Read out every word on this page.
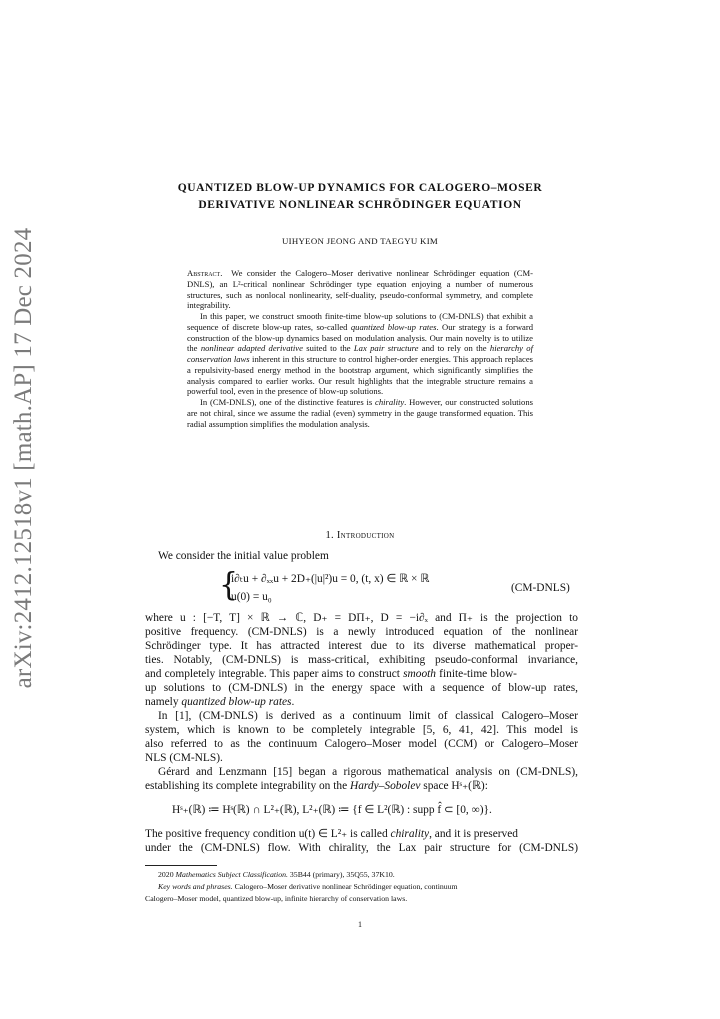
arXiv:2412.12518v1 [math.AP] 17 Dec 2024
QUANTIZED BLOW-UP DYNAMICS FOR CALOGERO–MOSER
DERIVATIVE NONLINEAR SCHRÖDINGER EQUATION
UIHYEON JEONG AND TAEGYU KIM

Abstract. We consider the Calogero–Moser derivative nonlinear Schrödinger equation (CM-DNLS), an L²-critical nonlinear Schrödinger type equation enjoying a number of numerous structures, such as nonlocal nonlinearity, self-duality, pseudo-conformal symmetry, and complete integrability.

In this paper, we construct smooth finite-time blow-up solutions to (CM-DNLS) that exhibit a sequence of discrete blow-up rates, so-called quantized blow-up rates. Our strategy is a forward construction of the blow-up dynamics based on modulation analysis. Our main novelty is to utilize the nonlinear adapted derivative suited to the Lax pair structure and to rely on the hierarchy of conservation laws inherent in this structure to control higher-order energies. This approach replaces a repulsivity-based energy method in the bootstrap argument, which significantly simplifies the analysis compared to earlier works. Our result highlights that the integrable structure remains a powerful tool, even in the presence of blow-up solutions.

In (CM-DNLS), one of the distinctive features is chirality. However, our constructed solutions are not chiral, since we assume the radial (even) symmetry in the gauge transformed equation. This radial assumption simplifies the modulation analysis.

1. Introduction
We consider the initial value problem
{
i∂ₜu + ∂ₓₓu + 2D₊(|u|²)u = 0, (t, x) ∈ ℝ × ℝ
u(0) = u₀
(CM-DNLS)
where u : [−T, T] × ℝ → ℂ, D₊ = DΠ₊, D = −i∂ₓ and Π₊ is the projection to
positive frequency. (CM-DNLS) is a newly introduced equation of the nonlinear
Schrödinger type. It has attracted interest due to its diverse mathematical proper-
ties. Notably, (CM-DNLS) is mass-critical, exhibiting pseudo-conformal invariance,
and completely integrable. This paper aims to construct smooth finite-time blow-
up solutions to (CM-DNLS) in the energy space with a sequence of blow-up rates,
namely quantized blow-up rates.
In [1], (CM-DNLS) is derived as a continuum limit of classical Calogero–Moser
system, which is known to be completely integrable [5, 6, 41, 42]. This model is
also referred to as the continuum Calogero–Moser model (CCM) or Calogero–Moser
NLS (CM-NLS).
Gérard and Lenzmann [15] began a rigorous mathematical analysis on (CM-DNLS),
establishing its complete integrability on the Hardy–Sobolev space Hˢ₊(ℝ):
Hˢ₊(ℝ) ≔ Hˢ(ℝ) ∩ L²₊(ℝ), L²₊(ℝ) ≔ {f ∈ L²(ℝ) : supp f̂ ⊂ [0, ∞)}.
The positive frequency condition u(t) ∈ L²₊ is called chirality, and it is preserved
under the (CM-DNLS) flow. With chirality, the Lax pair structure for (CM-DNLS)
2020 Mathematics Subject Classification. 35B44 (primary), 35Q55, 37K10.
Key words and phrases. Calogero–Moser derivative nonlinear Schrödinger equation, continuum
Calogero–Moser model, quantized blow-up, infinite hierarchy of conservation laws.
1
